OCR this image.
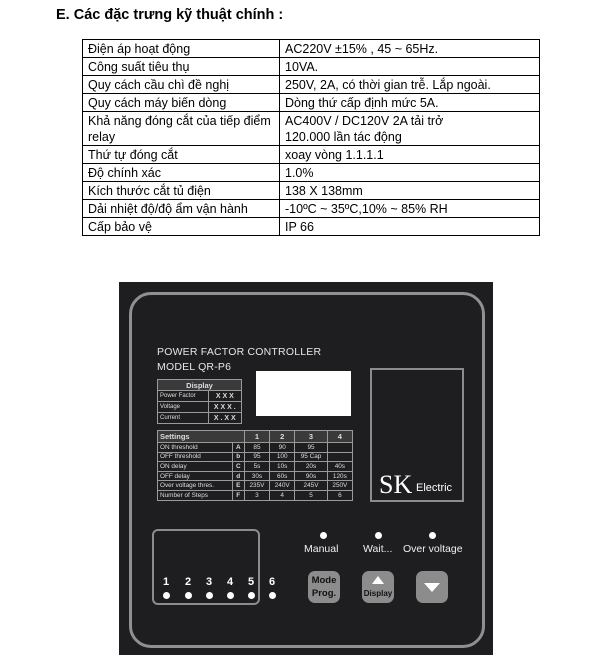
E. Các đặc trưng kỹ thuật chính :
Điện áp hoạt động	AC220V ±15% , 45 ~ 65Hz.
Công suất tiêu thụ	10VA.
Quy cách cầu chì đề nghị	250V, 2A, có thời gian trễ. Lắp ngoài.
Quy cách máy biến dòng	Dòng thứ cấp định mức 5A.
Khả năng đóng cắt của tiếp điểm relay	AC400V / DC120V 2A tải trở
120.000 lần tác động

Thứ tự đóng cắt	xoay vòng 1.1.1.1
Độ chính xác	1.0%
Kích thước cắt tủ điện	138 X 138mm
Dải nhiệt độ/độ ẩm vận hành	-10ºC ~ 35ºC,10% ~ 85% RH
Cấp bảo vệ	IP 66
POWER FACTOR CONTROLLER
MODEL QR-P6
Display	
Power Factor	X X X
Voltage	X X X .
Current	X . X X
Settings		1	2	3	4
ON threshold	A	85	90	95	
OFF threshold	b	95	100	95 Cap	
ON delay	C	5s	10s	20s	40s
OFF delay	d	30s	60s	90s	120s
Over voltage thres.	E	235V	240V	245V	250V
Number of Steps	F	3	4	5	6 SK Electric
1 2 3 4 5 6
Manual Wait... Over voltage
Mode
Prog.	Display
